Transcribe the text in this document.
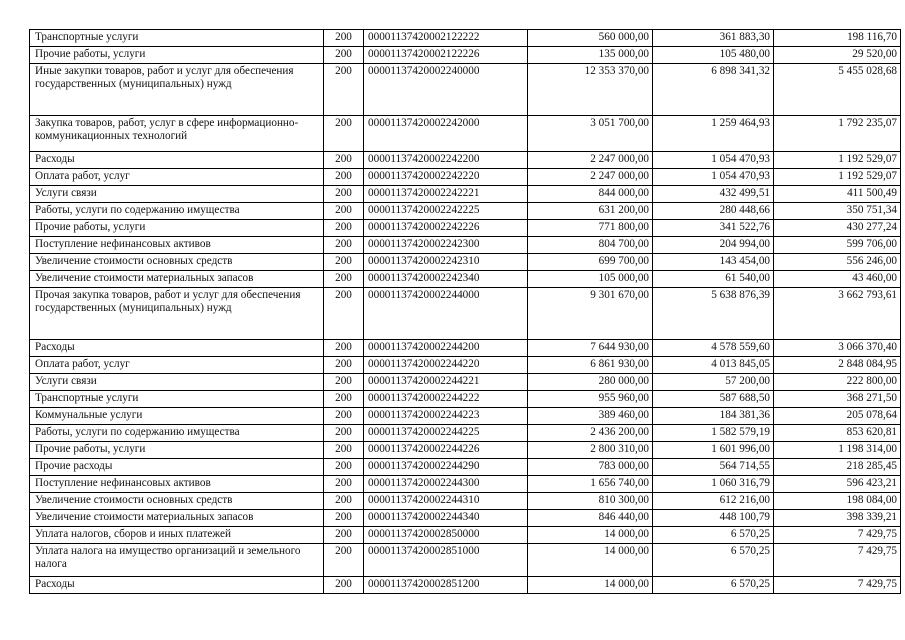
Транспортные услуги	200	00001137420002122222	560 000,00	361 883,30	198 116,70
Прочие работы, услуги	200	00001137420002122226	135 000,00	105 480,00	29 520,00
Иные закупки товаров, работ и услуг для обеспечения государственных (муниципальных) нужд	200	00001137420002240000	12 353 370,00	6 898 341,32	5 455 028,68
Закупка товаров, работ, услуг в сфере информационно-коммуникационных технологий	200	00001137420002242000	3 051 700,00	1 259 464,93	1 792 235,07
Расходы	200	00001137420002242200	2 247 000,00	1 054 470,93	1 192 529,07
Оплата работ, услуг	200	00001137420002242220	2 247 000,00	1 054 470,93	1 192 529,07
Услуги связи	200	00001137420002242221	844 000,00	432 499,51	411 500,49
Работы, услуги по содержанию имущества	200	00001137420002242225	631 200,00	280 448,66	350 751,34
Прочие работы, услуги	200	00001137420002242226	771 800,00	341 522,76	430 277,24
Поступление нефинансовых активов	200	00001137420002242300	804 700,00	204 994,00	599 706,00
Увеличение стоимости основных средств	200	00001137420002242310	699 700,00	143 454,00	556 246,00
Увеличение стоимости материальных запасов	200	00001137420002242340	105 000,00	61 540,00	43 460,00
Прочая закупка товаров, работ и услуг для обеспечения государственных (муниципальных) нужд	200	00001137420002244000	9 301 670,00	5 638 876,39	3 662 793,61
Расходы	200	00001137420002244200	7 644 930,00	4 578 559,60	3 066 370,40
Оплата работ, услуг	200	00001137420002244220	6 861 930,00	4 013 845,05	2 848 084,95
Услуги связи	200	00001137420002244221	280 000,00	57 200,00	222 800,00
Транспортные услуги	200	00001137420002244222	955 960,00	587 688,50	368 271,50
Коммунальные услуги	200	00001137420002244223	389 460,00	184 381,36	205 078,64
Работы, услуги по содержанию имущества	200	00001137420002244225	2 436 200,00	1 582 579,19	853 620,81
Прочие работы, услуги	200	00001137420002244226	2 800 310,00	1 601 996,00	1 198 314,00
Прочие расходы	200	00001137420002244290	783 000,00	564 714,55	218 285,45
Поступление нефинансовых активов	200	00001137420002244300	1 656 740,00	1 060 316,79	596 423,21
Увеличение стоимости основных средств	200	00001137420002244310	810 300,00	612 216,00	198 084,00
Увеличение стоимости материальных запасов	200	00001137420002244340	846 440,00	448 100,79	398 339,21
Уплата налогов, сборов и иных платежей	200	00001137420002850000	14 000,00	6 570,25	7 429,75
Уплата налога на имущество организаций и земельного налога	200	00001137420002851000	14 000,00	6 570,25	7 429,75
Расходы	200	00001137420002851200	14 000,00	6 570,25	7 429,75
